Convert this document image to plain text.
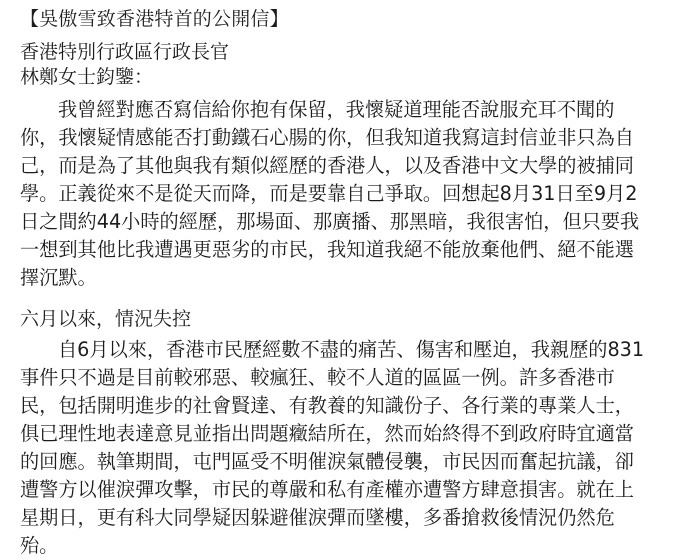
【吳傲雪致香港特首的公開信】
香港特別行政區行政長官
林鄭女士鈞鑒：
我曾經對應否寫信給你抱有保留，我懷疑道理能否說服充耳不聞的
你，我懷疑情感能否打動鐵石心腸的你，但我知道我寫這封信並非只為自
己，而是為了其他與我有類似經歷的香港人，以及香港中文大學的被捕同
學。正義從來不是從天而降，而是要靠自己爭取。回想起8月31日至9月2
日之間約44小時的經歷，那場面、那廣播、那黑暗，我很害怕，但只要我
一想到其他比我遭遇更惡劣的市民，我知道我絕不能放棄他們、絕不能選
擇沉默。
六月以來，情況失控
自6月以來，香港市民歷經數不盡的痛苦、傷害和壓迫，我親歷的831
事件只不過是目前較邪惡、較瘋狂、較不人道的區區一例。許多香港市
民，包括開明進步的社會賢達、有教養的知識份子、各行業的專業人士，
俱已理性地表達意見並指出問題癥結所在，然而始終得不到政府時宜適當
的回應。執筆期間，屯門區受不明催淚氣體侵襲，市民因而奮起抗議，卻
遭警方以催淚彈攻擊，市民的尊嚴和私有產權亦遭警方肆意損害。就在上
星期日，更有科大同學疑因躲避催淚彈而墜樓，多番搶救後情況仍然危
殆。
